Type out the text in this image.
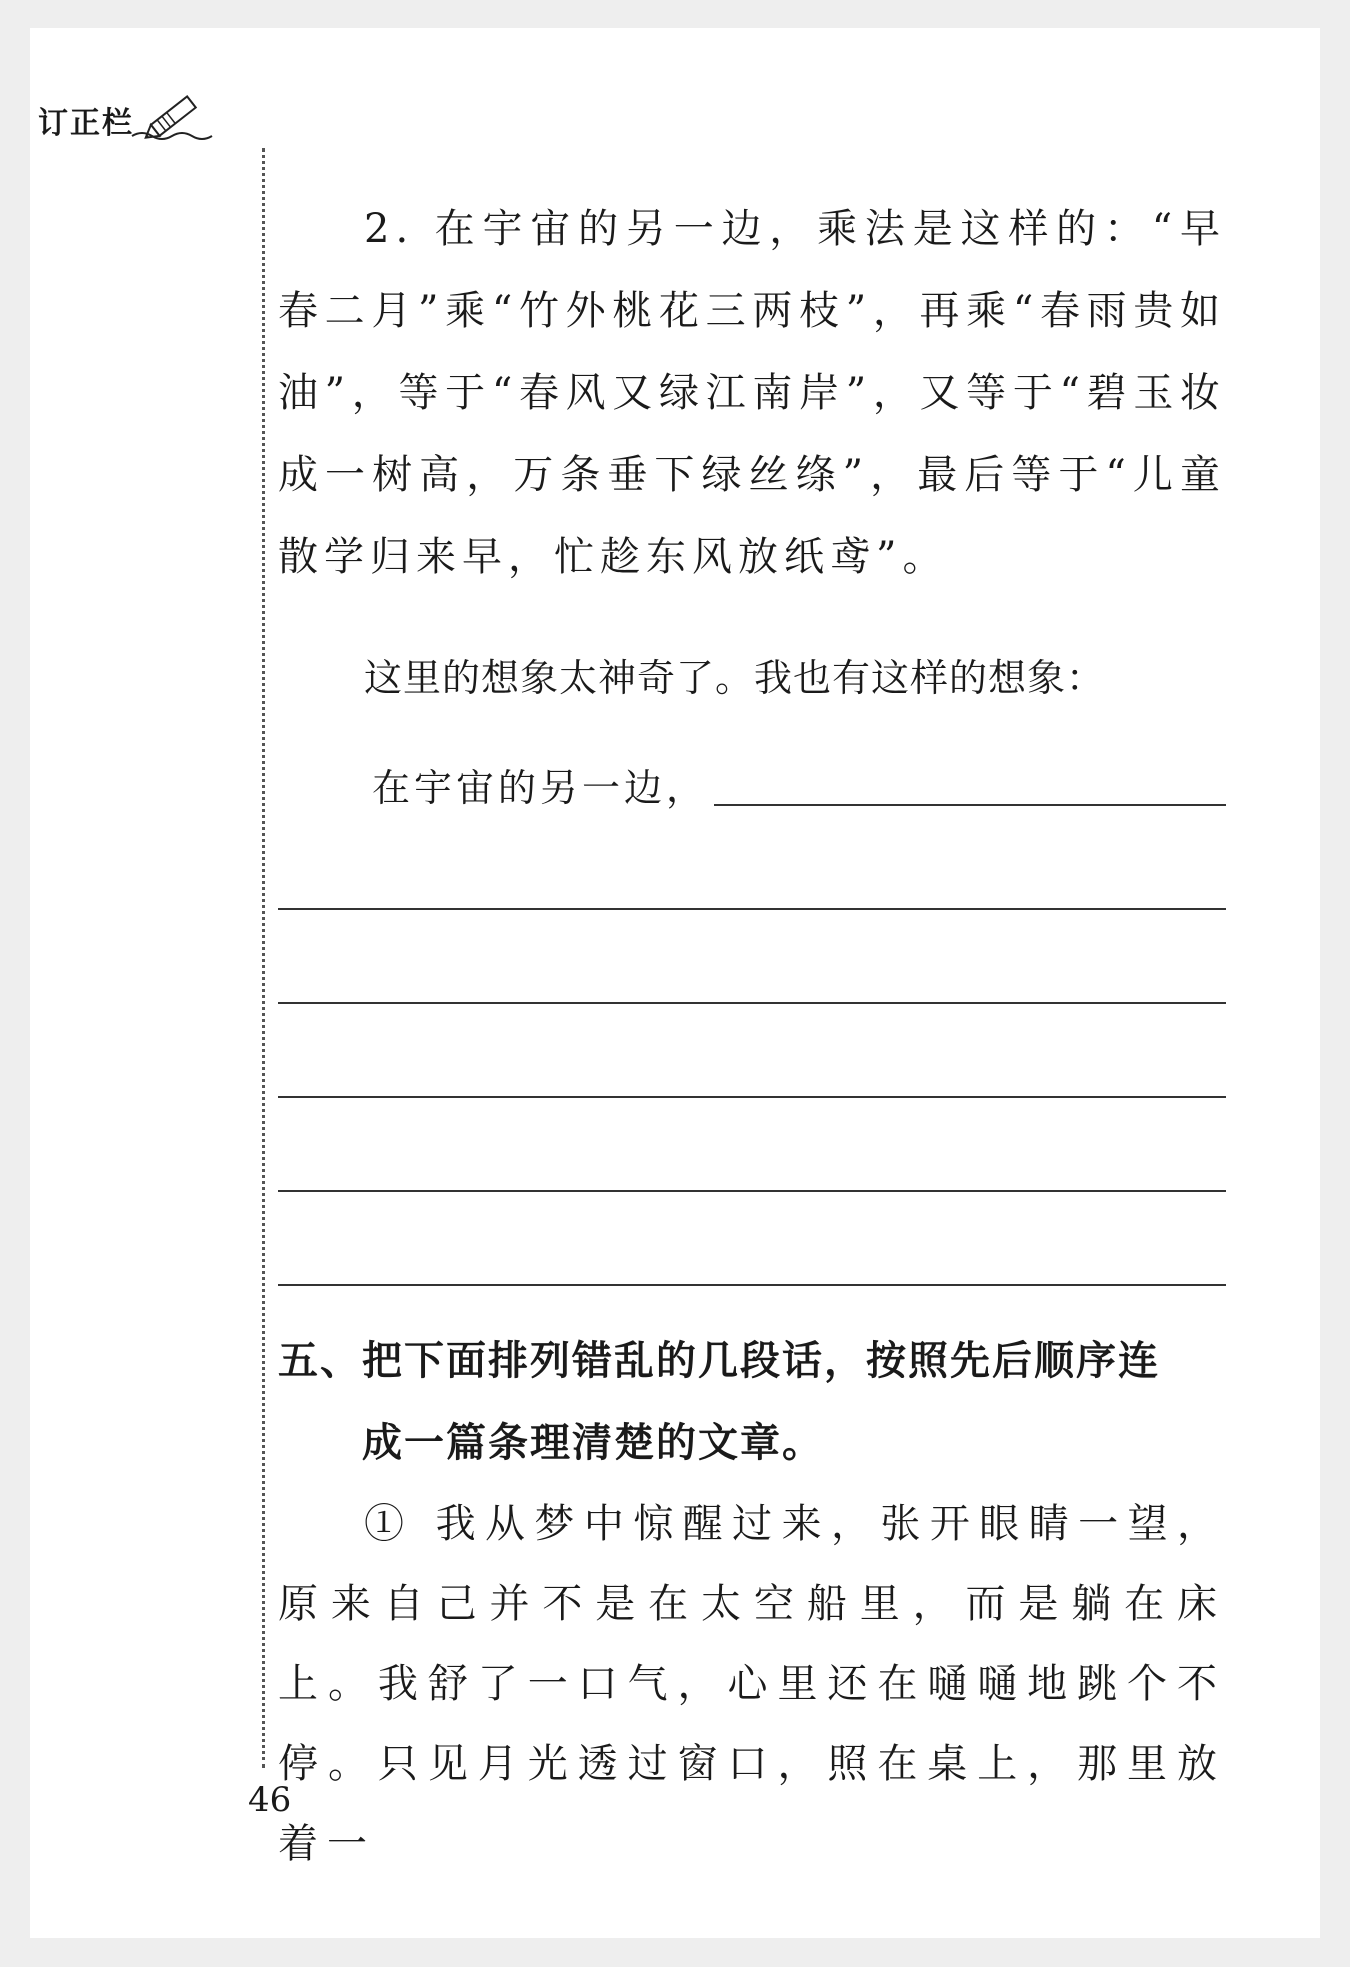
订正栏

2. 在宇宙的另一边，乘法是这样的：“早春二月”乘“竹外桃花三两枝”，再乘“春雨贵如油”，等于“春风又绿江南岸”，又等于“碧玉妆成一树高，万条垂下绿丝绦”，最后等于“儿童散学归来早，忙趁东风放纸鸢”。

这里的想象太神奇了。我也有这样的想象：

在宇宙的另一边，
五、把下面排列错乱的几段话，按照先后顺序连
成一篇条理清楚的文章。

① 我从梦中惊醒过来，张开眼睛一望，原来自己并不是在太空船里，而是躺在床上。我舒了一口气，心里还在嗵嗵地跳个不停。只见月光透过窗口，照在桌上，那里放着一

46
